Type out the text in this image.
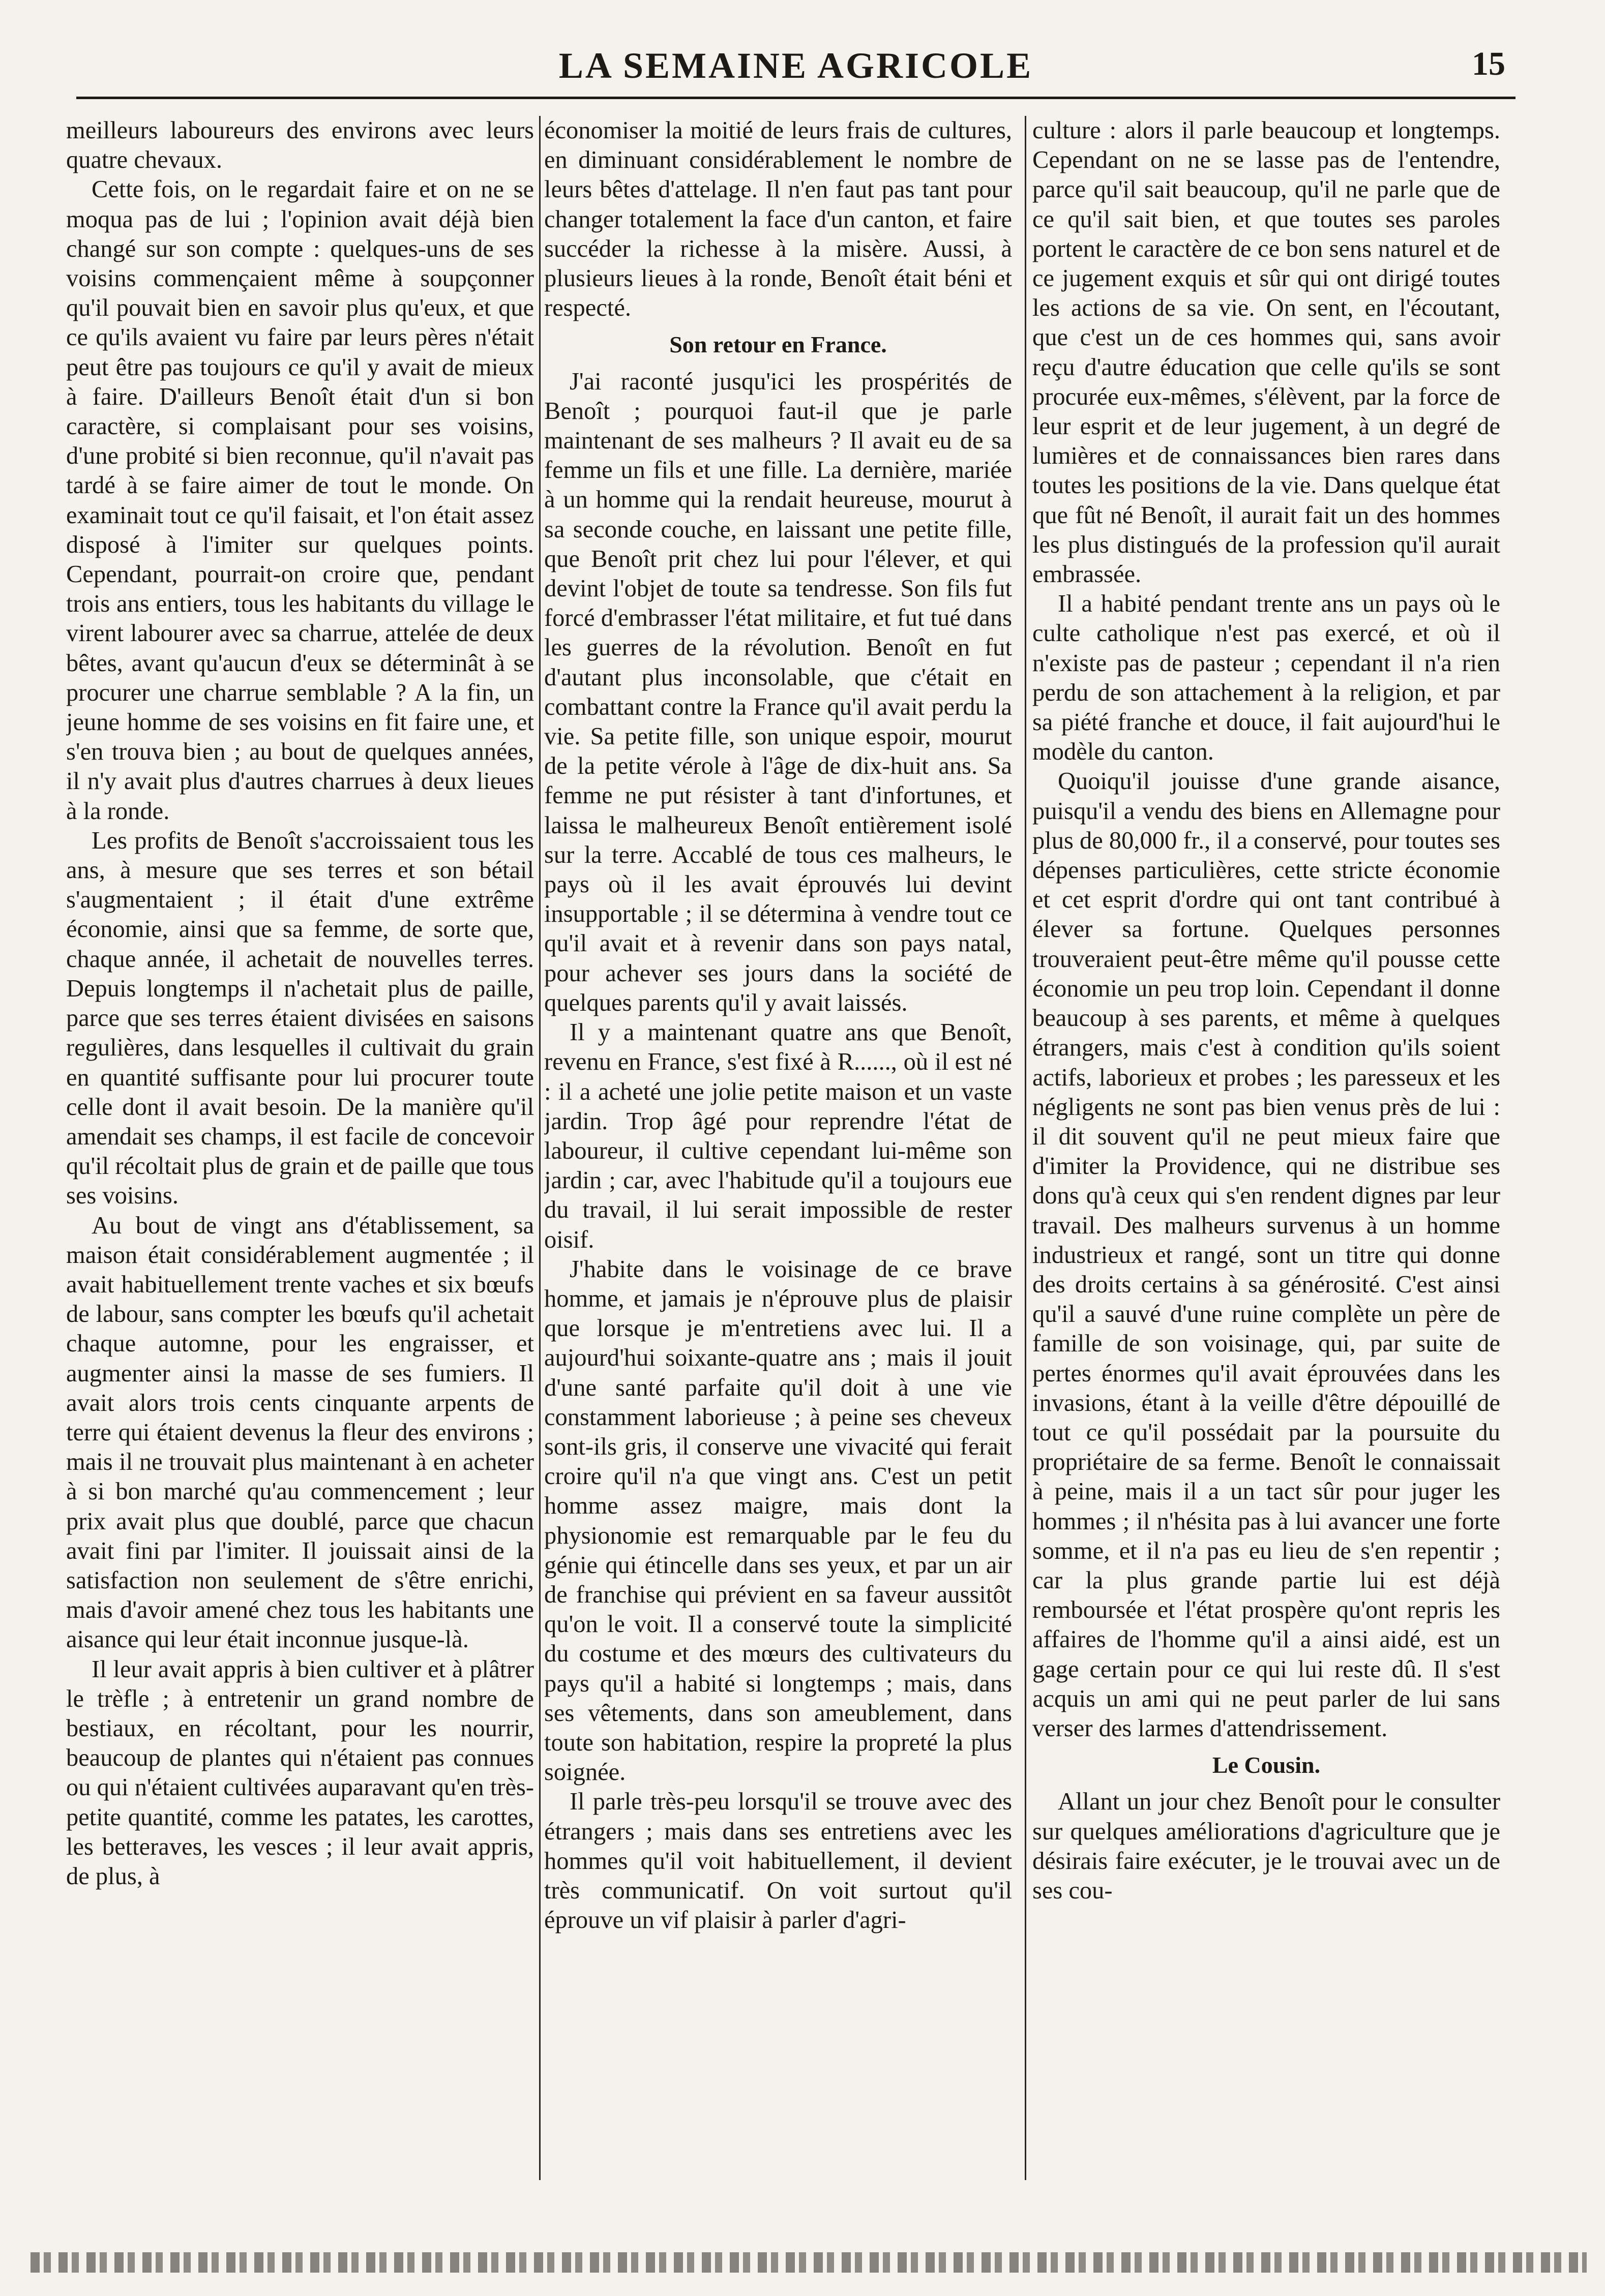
LA SEMAINE AGRICOLE	15

meilleurs laboureurs des environs avec leurs quatre chevaux.

Cette fois, on le regardait faire et on ne se moqua pas de lui ; l'opinion avait déjà bien changé sur son compte : quelques-uns de ses voisins commençaient même à soupçonner qu'il pouvait bien en savoir plus qu'eux, et que ce qu'ils avaient vu faire par leurs pères n'était peut être pas toujours ce qu'il y avait de mieux à faire. D'ailleurs Benoît était d'un si bon caractère, si complaisant pour ses voisins, d'une probité si bien reconnue, qu'il n'avait pas tardé à se faire aimer de tout le monde. On examinait tout ce qu'il faisait, et l'on était assez disposé à l'imiter sur quelques points. Cependant, pourrait-on croire que, pendant trois ans entiers, tous les habitants du village le virent labourer avec sa charrue, attelée de deux bêtes, avant qu'aucun d'eux se déterminât à se procurer une charrue semblable ? A la fin, un jeune homme de ses voisins en fit faire une, et s'en trouva bien ; au bout de quelques années, il n'y avait plus d'autres charrues à deux lieues à la ronde.

Les profits de Benoît s'accroissaient tous les ans, à mesure que ses terres et son bétail s'augmentaient ; il était d'une extrême économie, ainsi que sa femme, de sorte que, chaque année, il achetait de nouvelles terres. Depuis longtemps il n'achetait plus de paille, parce que ses terres étaient divisées en saisons regulières, dans lesquelles il cultivait du grain en quantité suffisante pour lui procurer toute celle dont il avait besoin. De la manière qu'il amendait ses champs, il est facile de concevoir qu'il récoltait plus de grain et de paille que tous ses voisins.

Au bout de vingt ans d'établissement, sa maison était considérablement augmentée ; il avait habituellement trente vaches et six bœufs de labour, sans compter les bœufs qu'il achetait chaque automne, pour les engraisser, et augmenter ainsi la masse de ses fumiers. Il avait alors trois cents cinquante arpents de terre qui étaient devenus la fleur des environs ; mais il ne trouvait plus maintenant à en acheter à si bon marché qu'au commencement ; leur prix avait plus que doublé, parce que chacun avait fini par l'imiter. Il jouissait ainsi de la satisfaction non seulement de s'être enrichi, mais d'avoir amené chez tous les habitants une aisance qui leur était inconnue jusque-là.

Il leur avait appris à bien cultiver et à plâtrer le trèfle ; à entretenir un grand nombre de bestiaux, en récoltant, pour les nourrir, beaucoup de plantes qui n'étaient pas connues ou qui n'étaient cultivées auparavant qu'en très-petite quantité, comme les patates, les carottes, les betteraves, les vesces ; il leur avait appris, de plus, à

économiser la moitié de leurs frais de cultures, en diminuant considérablement le nombre de leurs bêtes d'attelage. Il n'en faut pas tant pour changer totalement la face d'un canton, et faire succéder la richesse à la misère. Aussi, à plusieurs lieues à la ronde, Benoît était béni et respecté.

Son retour en France.

J'ai raconté jusqu'ici les prospérités de Benoît ; pourquoi faut-il que je parle maintenant de ses malheurs ? Il avait eu de sa femme un fils et une fille. La dernière, mariée à un homme qui la rendait heureuse, mourut à sa seconde couche, en laissant une petite fille, que Benoît prit chez lui pour l'élever, et qui devint l'objet de toute sa tendresse. Son fils fut forcé d'embrasser l'état militaire, et fut tué dans les guerres de la révolution. Benoît en fut d'autant plus inconsolable, que c'était en combattant contre la France qu'il avait perdu la vie. Sa petite fille, son unique espoir, mourut de la petite vérole à l'âge de dix-huit ans. Sa femme ne put résister à tant d'infortunes, et laissa le malheureux Benoît entièrement isolé sur la terre. Accablé de tous ces malheurs, le pays où il les avait éprouvés lui devint insupportable ; il se détermina à vendre tout ce qu'il avait et à revenir dans son pays natal, pour achever ses jours dans la société de quelques parents qu'il y avait laissés.

Il y a maintenant quatre ans que Benoît, revenu en France, s'est fixé à R......, où il est né : il a acheté une jolie petite maison et un vaste jardin. Trop âgé pour reprendre l'état de laboureur, il cultive cependant lui-même son jardin ; car, avec l'habitude qu'il a toujours eue du travail, il lui serait impossible de rester oisif.

J'habite dans le voisinage de ce brave homme, et jamais je n'éprouve plus de plaisir que lorsque je m'entretiens avec lui. Il a aujourd'hui soixante-quatre ans ; mais il jouit d'une santé parfaite qu'il doit à une vie constamment laborieuse ; à peine ses cheveux sont-ils gris, il conserve une vivacité qui ferait croire qu'il n'a que vingt ans. C'est un petit homme assez maigre, mais dont la physionomie est remarquable par le feu du génie qui étincelle dans ses yeux, et par un air de franchise qui prévient en sa faveur aussitôt qu'on le voit. Il a conservé toute la simplicité du costume et des mœurs des cultivateurs du pays qu'il a habité si longtemps ; mais, dans ses vêtements, dans son ameublement, dans toute son habitation, respire la propreté la plus soignée.

Il parle très-peu lorsqu'il se trouve avec des étrangers ; mais dans ses entretiens avec les hommes qu'il voit habituellement, il devient très communicatif. On voit surtout qu'il éprouve un vif plaisir à parler d'agri-

culture : alors il parle beaucoup et longtemps. Cependant on ne se lasse pas de l'entendre, parce qu'il sait beaucoup, qu'il ne parle que de ce qu'il sait bien, et que toutes ses paroles portent le caractère de ce bon sens naturel et de ce jugement exquis et sûr qui ont dirigé toutes les actions de sa vie. On sent, en l'écoutant, que c'est un de ces hommes qui, sans avoir reçu d'autre éducation que celle qu'ils se sont procurée eux-mêmes, s'élèvent, par la force de leur esprit et de leur jugement, à un degré de lumières et de connaissances bien rares dans toutes les positions de la vie. Dans quelque état que fût né Benoît, il aurait fait un des hommes les plus distingués de la profession qu'il aurait embrassée.

Il a habité pendant trente ans un pays où le culte catholique n'est pas exercé, et où il n'existe pas de pasteur ; cependant il n'a rien perdu de son attachement à la religion, et par sa piété franche et douce, il fait aujourd'hui le modèle du canton.

Quoiqu'il jouisse d'une grande aisance, puisqu'il a vendu des biens en Allemagne pour plus de 80,000 fr., il a conservé, pour toutes ses dépenses particulières, cette stricte économie et cet esprit d'ordre qui ont tant contribué à élever sa fortune. Quelques personnes trouveraient peut-être même qu'il pousse cette économie un peu trop loin. Cependant il donne beaucoup à ses parents, et même à quelques étrangers, mais c'est à condition qu'ils soient actifs, laborieux et probes ; les paresseux et les négligents ne sont pas bien venus près de lui : il dit souvent qu'il ne peut mieux faire que d'imiter la Providence, qui ne distribue ses dons qu'à ceux qui s'en rendent dignes par leur travail. Des malheurs survenus à un homme industrieux et rangé, sont un titre qui donne des droits certains à sa générosité. C'est ainsi qu'il a sauvé d'une ruine complète un père de famille de son voisinage, qui, par suite de pertes énormes qu'il avait éprouvées dans les invasions, étant à la veille d'être dépouillé de tout ce qu'il possédait par la poursuite du propriétaire de sa ferme. Benoît le connaissait à peine, mais il a un tact sûr pour juger les hommes ; il n'hésita pas à lui avancer une forte somme, et il n'a pas eu lieu de s'en repentir ; car la plus grande partie lui est déjà remboursée et l'état prospère qu'ont repris les affaires de l'homme qu'il a ainsi aidé, est un gage certain pour ce qui lui reste dû. Il s'est acquis un ami qui ne peut parler de lui sans verser des larmes d'attendrissement.

Le Cousin.

Allant un jour chez Benoît pour le consulter sur quelques améliorations d'agriculture que je désirais faire exécuter, je le trouvai avec un de ses cou-
